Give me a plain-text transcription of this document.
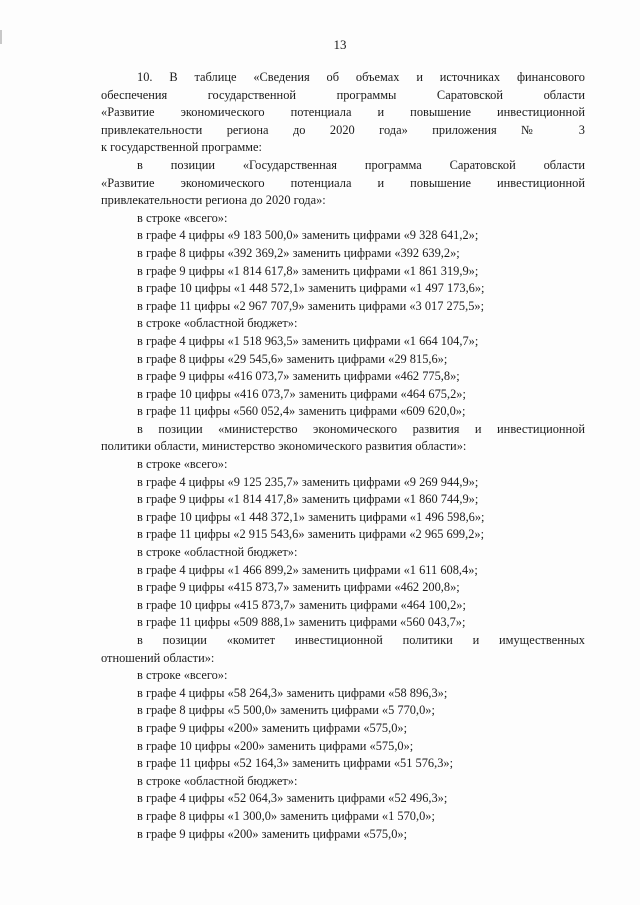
13
10. В таблице «Сведения об объемах и источниках финансового
обеспечения государственной программы Саратовской области
«Развитие экономического потенциала и повышение инвестиционной
привлекательности региона до 2020 года» приложения № 3
к государственной программе:
в позиции «Государственная программа Саратовской области
«Развитие экономического потенциала и повышение инвестиционной
привлекательности региона до 2020 года»:
в строке «всего»:
в графе 4 цифры «9 183 500,0» заменить цифрами «9 328 641,2»;
в графе 8 цифры «392 369,2» заменить цифрами «392 639,2»;
в графе 9 цифры «1 814 617,8» заменить цифрами «1 861 319,9»;
в графе 10 цифры «1 448 572,1» заменить цифрами «1 497 173,6»;
в графе 11 цифры «2 967 707,9» заменить цифрами «3 017 275,5»;
в строке «областной бюджет»:
в графе 4 цифры «1 518 963,5» заменить цифрами «1 664 104,7»;
в графе 8 цифры «29 545,6» заменить цифрами «29 815,6»;
в графе 9 цифры «416 073,7» заменить цифрами «462 775,8»;
в графе 10 цифры «416 073,7» заменить цифрами «464 675,2»;
в графе 11 цифры «560 052,4» заменить цифрами «609 620,0»;
в позиции «министерство экономического развития и инвестиционной
политики области, министерство экономического развития области»:
в строке «всего»:
в графе 4 цифры «9 125 235,7» заменить цифрами «9 269 944,9»;
в графе 9 цифры «1 814 417,8» заменить цифрами «1 860 744,9»;
в графе 10 цифры «1 448 372,1» заменить цифрами «1 496 598,6»;
в графе 11 цифры «2 915 543,6» заменить цифрами «2 965 699,2»;
в строке «областной бюджет»:
в графе 4 цифры «1 466 899,2» заменить цифрами «1 611 608,4»;
в графе 9 цифры «415 873,7» заменить цифрами «462 200,8»;
в графе 10 цифры «415 873,7» заменить цифрами «464 100,2»;
в графе 11 цифры «509 888,1» заменить цифрами «560 043,7»;
в позиции «комитет инвестиционной политики и имущественных
отношений области»:
в строке «всего»:
в графе 4 цифры «58 264,3» заменить цифрами «58 896,3»;
в графе 8 цифры «5 500,0» заменить цифрами «5 770,0»;
в графе 9 цифры «200» заменить цифрами «575,0»;
в графе 10 цифры «200» заменить цифрами «575,0»;
в графе 11 цифры «52 164,3» заменить цифрами «51 576,3»;
в строке «областной бюджет»:
в графе 4 цифры «52 064,3» заменить цифрами «52 496,3»;
в графе 8 цифры «1 300,0» заменить цифрами «1 570,0»;
в графе 9 цифры «200» заменить цифрами «575,0»;
